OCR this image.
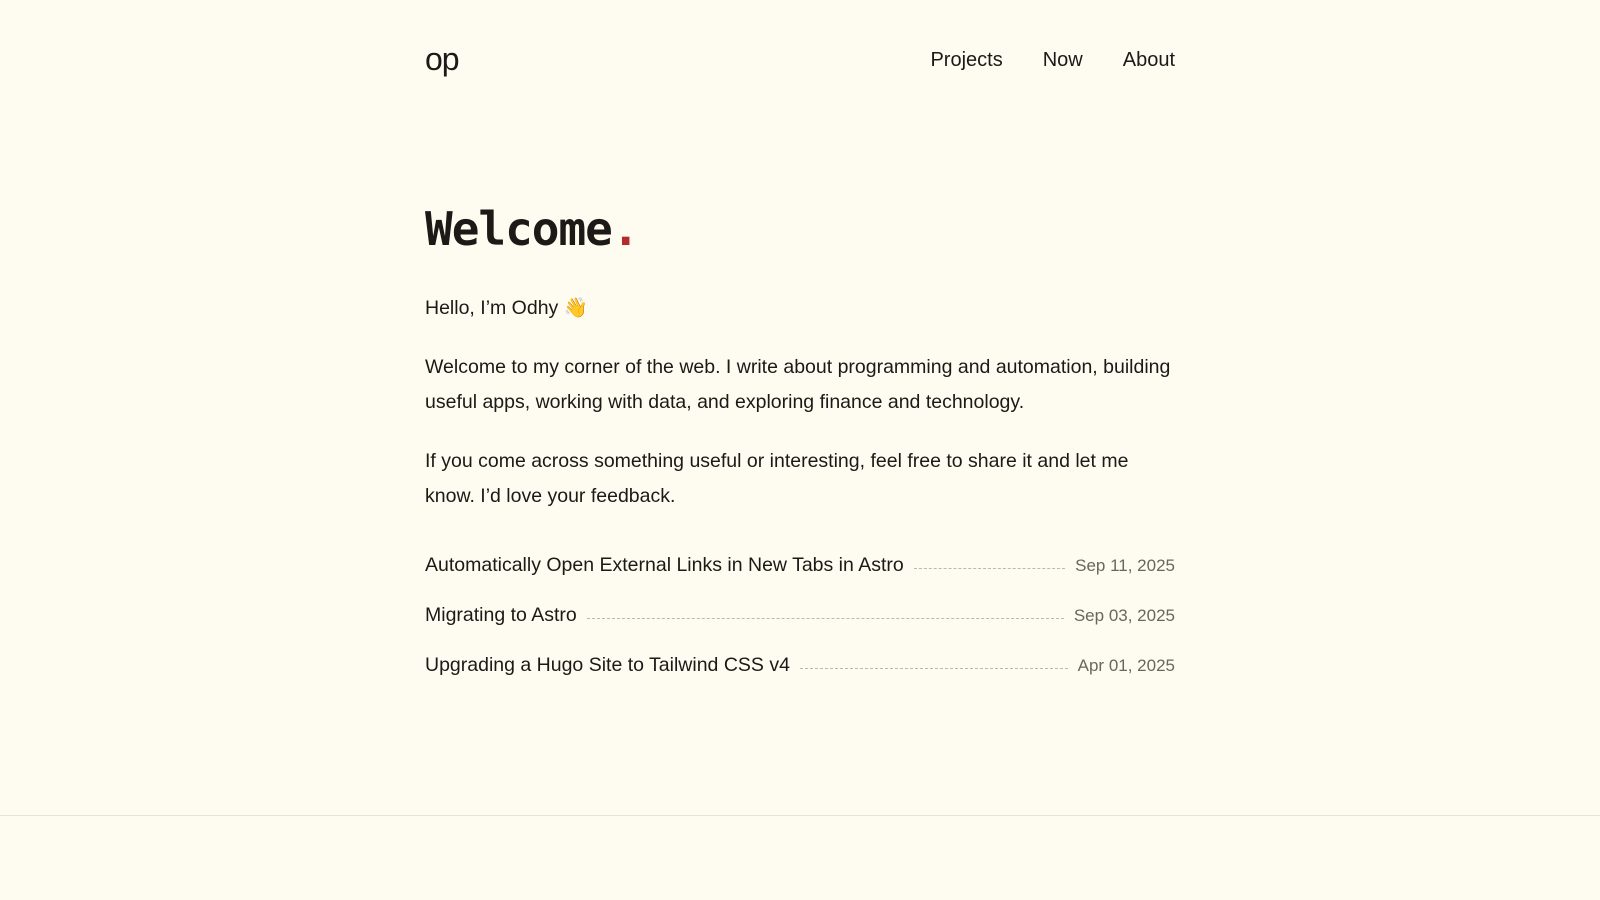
op	Projects Now About
Welcome.

Hello, I’m Odhy 👋

Welcome to my corner of the web. I write about programming and automation, building useful apps, working with data, and exploring finance and technology.

If you come across something useful or interesting, feel free to share it and let me know. I’d love your feedback.

Automatically Open External Links in New Tabs in Astro	Sep 11, 2025
Migrating to Astro	Sep 03, 2025
Upgrading a Hugo Site to Tailwind CSS v4	Apr 01, 2025
